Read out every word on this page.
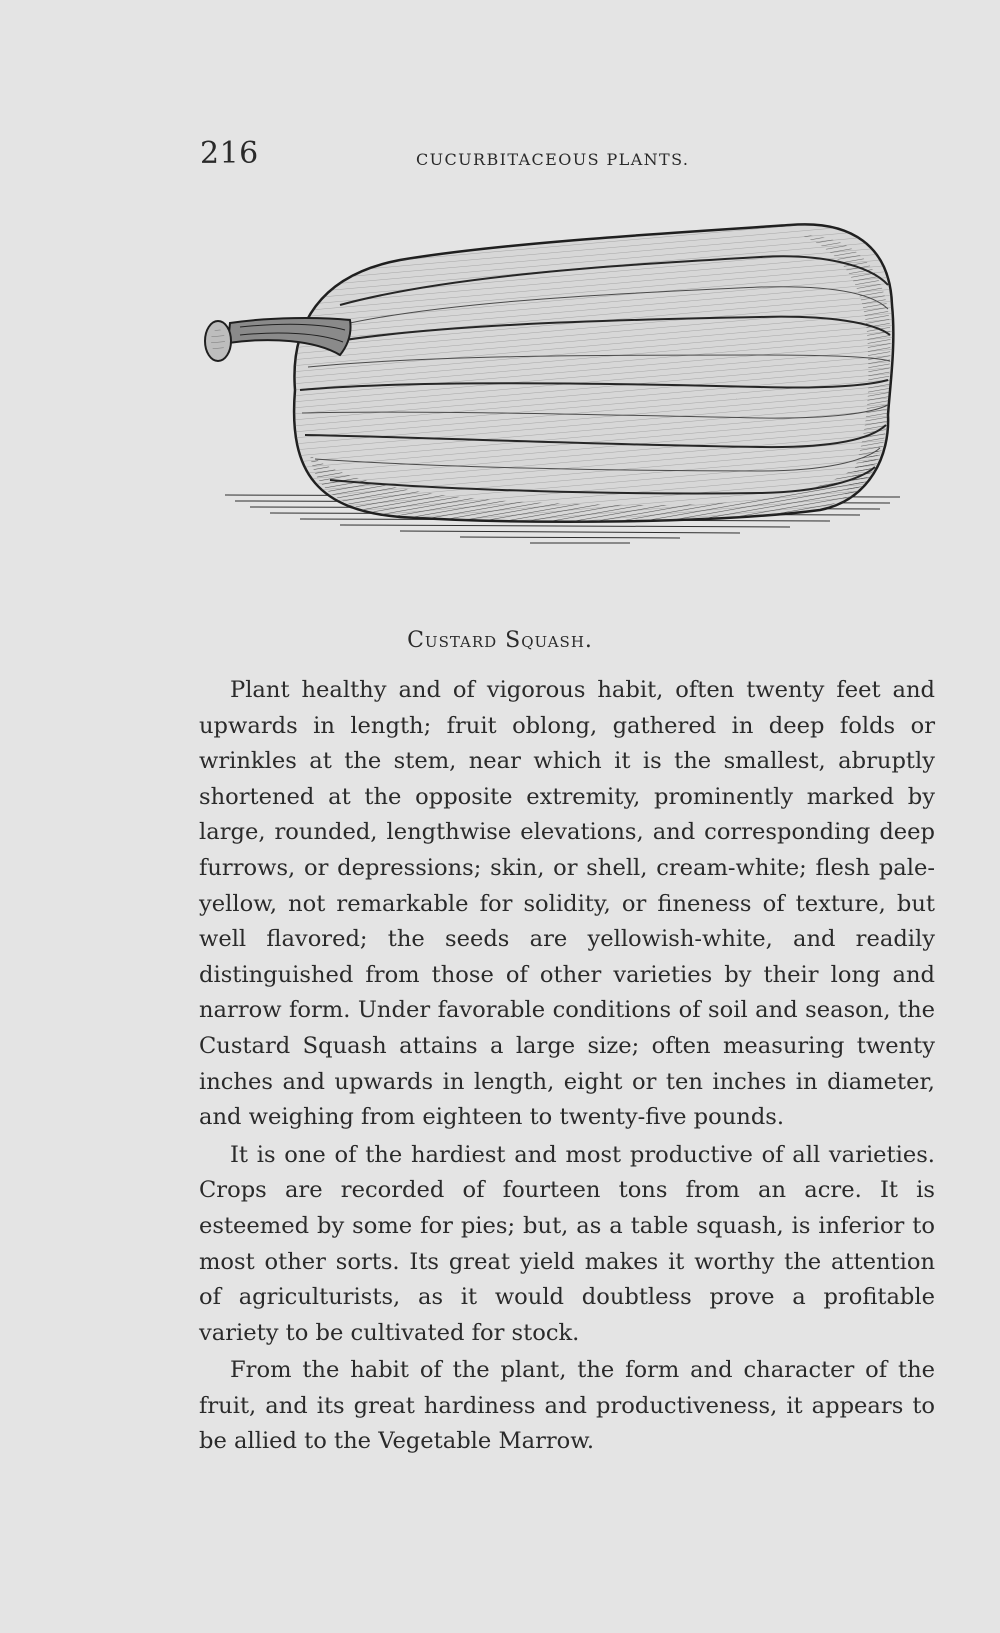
216	CUCURBITACEOUS PLANTS.
Custard Squash.

Plant healthy and of vigorous habit, often twenty feet and upwards in length; fruit oblong, gathered in deep folds or wrinkles at the stem, near which it is the smallest, abruptly shortened at the opposite extremity, prominently marked by large, rounded, lengthwise elevations, and corresponding deep furrows, or depressions; skin, or shell, cream-white; flesh pale-yellow, not remarkable for solidity, or fineness of texture, but well flavored; the seeds are yellowish-white, and readily distinguished from those of other varieties by their long and narrow form. Under favorable conditions of soil and season, the Custard Squash attains a large size; often measuring twenty inches and upwards in length, eight or ten inches in diameter, and weighing from eighteen to twenty-five pounds.

It is one of the hardiest and most productive of all varieties. Crops are recorded of fourteen tons from an acre. It is esteemed by some for pies; but, as a table squash, is inferior to most other sorts. Its great yield makes it worthy the attention of agriculturists, as it would doubtless prove a profitable variety to be cultivated for stock.

From the habit of the plant, the form and character of the fruit, and its great hardiness and productiveness, it appears to be allied to the Vegetable Marrow.
